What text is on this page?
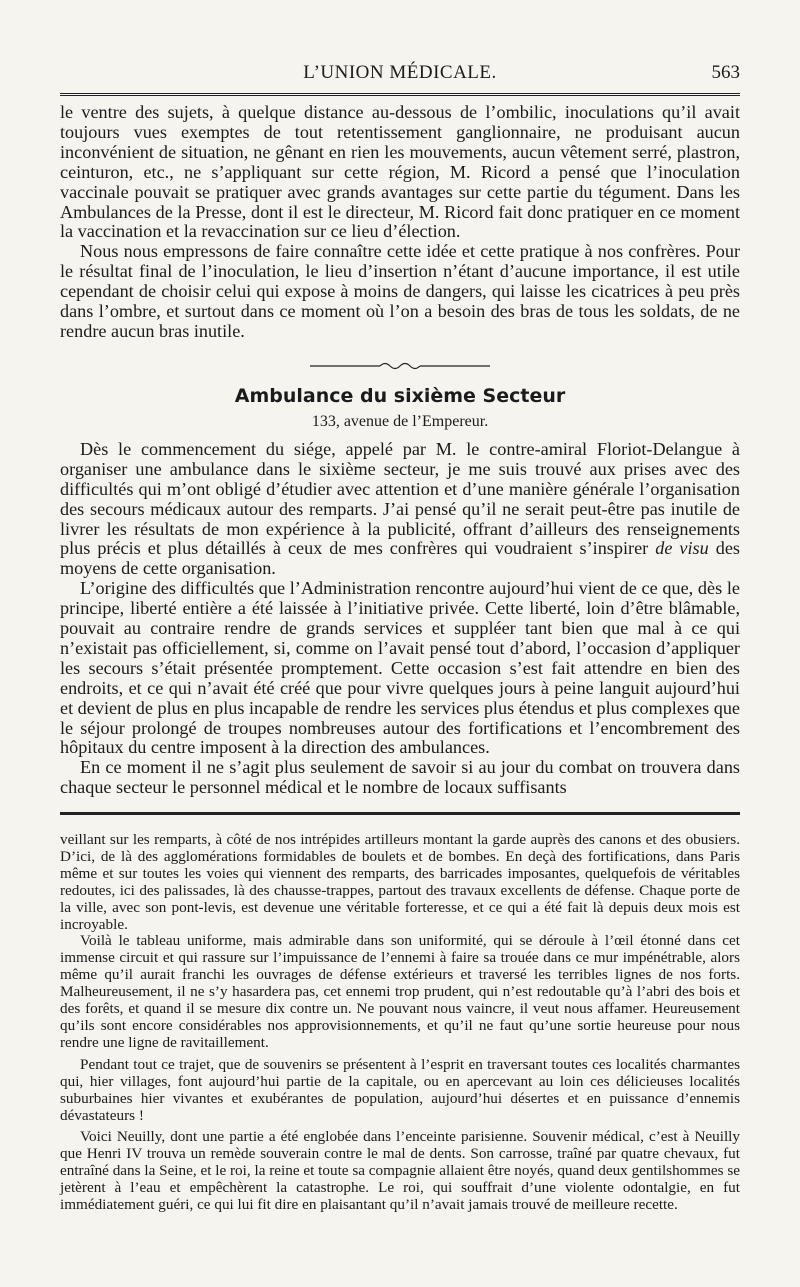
L’UNION MÉDICALE.	563

le ventre des sujets, à quelque distance au-dessous de l’ombilic, inoculations qu’il avait toujours vues exemptes de tout retentissement ganglionnaire, ne produisant aucun inconvénient de situation, ne gênant en rien les mouvements, aucun vêtement serré, plastron, ceinturon, etc., ne s’appliquant sur cette région, M. Ricord a pensé que l’inoculation vaccinale pouvait se pratiquer avec grands avantages sur cette partie du tégument. Dans les Ambulances de la Presse, dont il est le directeur, M. Ricord fait donc pratiquer en ce moment la vaccination et la revaccination sur ce lieu d’élection.

Nous nous empressons de faire connaître cette idée et cette pratique à nos confrères. Pour le résultat final de l’inoculation, le lieu d’insertion n’étant d’aucune importance, il est utile cependant de choisir celui qui expose à moins de dangers, qui laisse les cicatrices à peu près dans l’ombre, et surtout dans ce moment où l’on a besoin des bras de tous les soldats, de ne rendre aucun bras inutile.

Ambulance du sixième Secteur
133, avenue de l’Empereur.

Dès le commencement du siége, appelé par M. le contre-amiral Floriot-Delangue à organiser une ambulance dans le sixième secteur, je me suis trouvé aux prises avec des difficultés qui m’ont obligé d’étudier avec attention et d’une manière générale l’organisation des secours médicaux autour des remparts. J’ai pensé qu’il ne serait peut-être pas inutile de livrer les résultats de mon expérience à la publicité, offrant d’ailleurs des renseignements plus précis et plus détaillés à ceux de mes confrères qui voudraient s’inspirer de visu des moyens de cette organisation.

L’origine des difficultés que l’Administration rencontre aujourd’hui vient de ce que, dès le principe, liberté entière a été laissée à l’initiative privée. Cette liberté, loin d’être blâmable, pouvait au contraire rendre de grands services et suppléer tant bien que mal à ce qui n’existait pas officiellement, si, comme on l’avait pensé tout d’abord, l’occasion d’appliquer les secours s’était présentée promptement. Cette occasion s’est fait attendre en bien des endroits, et ce qui n’avait été créé que pour vivre quelques jours à peine languit aujourd’hui et devient de plus en plus incapable de rendre les services plus étendus et plus complexes que le séjour prolongé de troupes nombreuses autour des fortifications et l’encombrement des hôpitaux du centre imposent à la direction des ambulances.

En ce moment il ne s’agit plus seulement de savoir si au jour du combat on trouvera dans chaque secteur le personnel médical et le nombre de locaux suffisants

veillant sur les remparts, à côté de nos intrépides artilleurs montant la garde auprès des canons et des obusiers. D’ici, de là des agglomérations formidables de boulets et de bombes. En deçà des fortifications, dans Paris même et sur toutes les voies qui viennent des remparts, des barricades imposantes, quelquefois de véritables redoutes, ici des palissades, là des chausse-trappes, partout des travaux excellents de défense. Chaque porte de la ville, avec son pont-levis, est devenue une véritable forteresse, et ce qui a été fait là depuis deux mois est incroyable.

Voilà le tableau uniforme, mais admirable dans son uniformité, qui se déroule à l’œil étonné dans cet immense circuit et qui rassure sur l’impuissance de l’ennemi à faire sa trouée dans ce mur impénétrable, alors même qu’il aurait franchi les ouvrages de défense extérieurs et traversé les terribles lignes de nos forts. Malheureusement, il ne s’y hasardera pas, cet ennemi trop prudent, qui n’est redoutable qu’à l’abri des bois et des forêts, et quand il se mesure dix contre un. Ne pouvant nous vaincre, il veut nous affamer. Heureusement qu’ils sont encore considérables nos approvisionnements, et qu’il ne faut qu’une sortie heureuse pour nous rendre une ligne de ravitaillement.

Pendant tout ce trajet, que de souvenirs se présentent à l’esprit en traversant toutes ces localités charmantes qui, hier villages, font aujourd’hui partie de la capitale, ou en apercevant au loin ces délicieuses localités suburbaines hier vivantes et exubérantes de population, aujourd’hui désertes et en puissance d’ennemis dévastateurs !

Voici Neuilly, dont une partie a été englobée dans l’enceinte parisienne. Souvenir médical, c’est à Neuilly que Henri IV trouva un remède souverain contre le mal de dents. Son carrosse, traîné par quatre chevaux, fut entraîné dans la Seine, et le roi, la reine et toute sa compagnie allaient être noyés, quand deux gentilshommes se jetèrent à l’eau et empêchèrent la catastrophe. Le roi, qui souffrait d’une violente odontalgie, en fut immédiatement guéri, ce qui lui fit dire en plaisantant qu’il n’avait jamais trouvé de meilleure recette.
